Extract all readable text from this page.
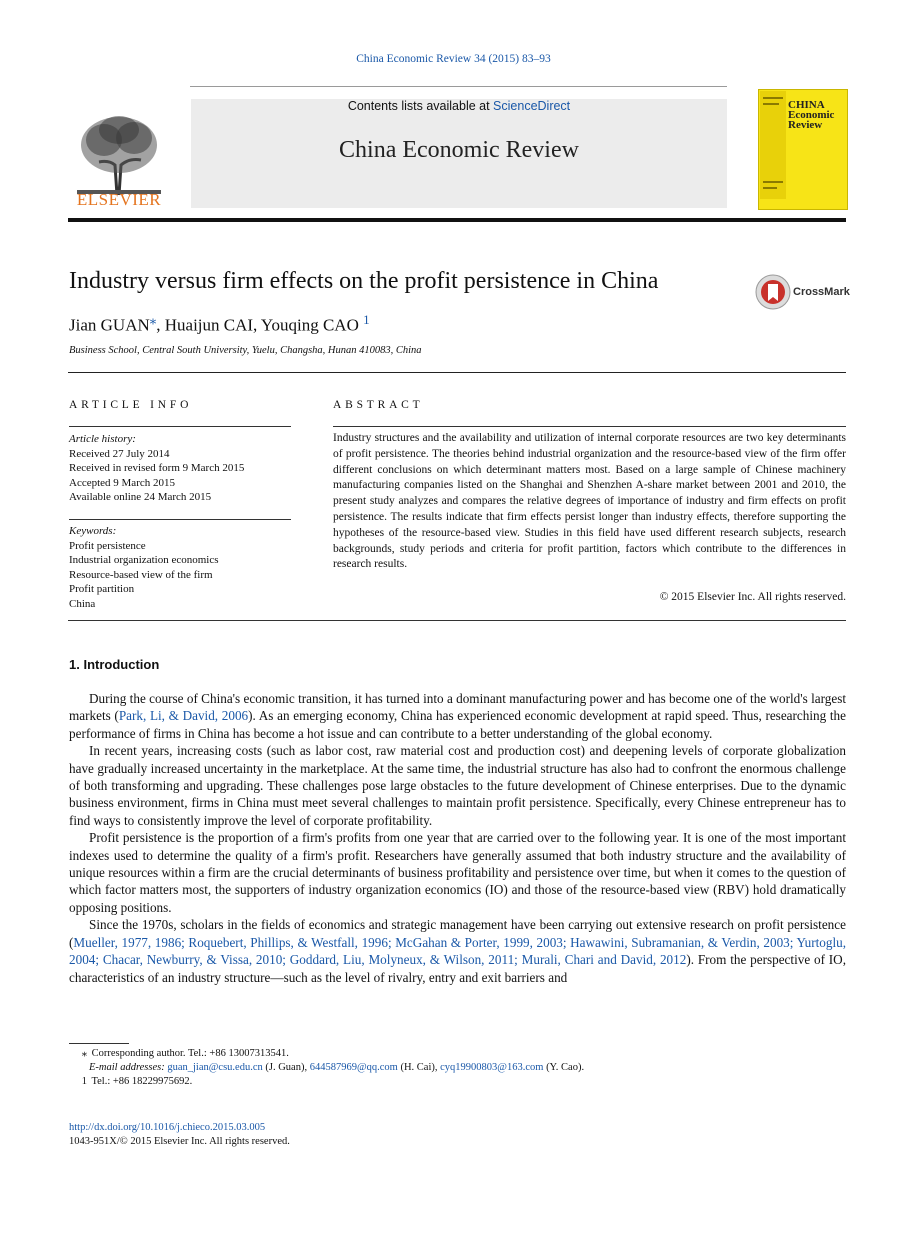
China Economic Review 34 (2015) 83–93
ELSEVIER
Contents lists available at ScienceDirect
China Economic Review
CHINA Economic Review
Industry versus firm effects on the profit persistence in China	CrossMark
Jian GUAN⁎, Huaijun CAI, Youqing CAO $^1$
Business School, Central South University, Yuelu, Changsha, Hunan 410083, China
ARTICLE INFO	ABSTRACT
Article history:
Received 27 July 2014
Received in revised form 9 March 2015
Accepted 9 March 2015
Available online 24 March 2015
Keywords:
Profit persistence
Industrial organization economics
Resource-based view of the firm
Profit partition
China
Industry structures and the availability and utilization of internal corporate resources are two key determinants of profit persistence. The theories behind industrial organization and the resource-based view of the firm offer different conclusions on which determinant matters most. Based on a large sample of Chinese machinery manufacturing companies listed on the Shanghai and Shenzhen A-share market between 2001 and 2010, the present study analyzes and compares the relative degrees of importance of industry and firm effects on profit persistence. The results indicate that firm effects persist longer than industry effects, therefore supporting the hypotheses of the resource-based view. Studies in this field have used different research subjects, research backgrounds, study periods and criteria for profit partition, factors which contribute to the differences in research results.
© 2015 Elsevier Inc. All rights reserved.
1. Introduction

During the course of China's economic transition, it has turned into a dominant manufacturing power and has become one of the world's largest markets (Park, Li, & David, 2006). As an emerging economy, China has experienced economic development at rapid speed. Thus, researching the performance of firms in China has become a hot issue and can contribute to a better understanding of the global economy.

In recent years, increasing costs (such as labor cost, raw material cost and production cost) and deepening levels of corporate globalization have gradually increased uncertainty in the marketplace. At the same time, the industrial structure has also had to confront the enormous challenge of both transforming and upgrading. These challenges pose large obstacles to the future development of Chinese enterprises. Due to the dynamic business environment, firms in China must meet several challenges to maintain profit persistence. Specifically, every Chinese entrepreneur has to find ways to consistently improve the level of corporate profitability.

Profit persistence is the proportion of a firm's profits from one year that are carried over to the following year. It is one of the most important indexes used to determine the quality of a firm's profit. Researchers have generally assumed that both industry structure and the availability of unique resources within a firm are the crucial determinants of business profitability and persistence over time, but when it comes to the question of which factor matters most, the supporters of industry organization economics (IO) and those of the resource-based view (RBV) hold dramatically opposing positions.

Since the 1970s, scholars in the fields of economics and strategic management have been carrying out extensive research on profit persistence (Mueller, 1977, 1986; Roquebert, Phillips, & Westfall, 1996; McGahan & Porter, 1999, 2003; Hawawini, Subramanian, & Verdin, 2003; Yurtoglu, 2004; Chacar, Newburry, & Vissa, 2010; Goddard, Liu, Molyneux, & Wilson, 2011; Murali, Chari and David, 2012). From the perspective of IO, characteristics of an industry structure—such as the level of rivalry, entry and exit barriers and

⁎ Corresponding author. Tel.: +86 13007313541.
E-mail addresses: guan_jian@csu.edu.cn (J. Guan), 644587969@qq.com (H. Cai), cyq19900803@163.com (Y. Cao).
1 Tel.: +86 18229975692.
http://dx.doi.org/10.1016/j.chieco.2015.03.005
1043-951X/© 2015 Elsevier Inc. All rights reserved.
